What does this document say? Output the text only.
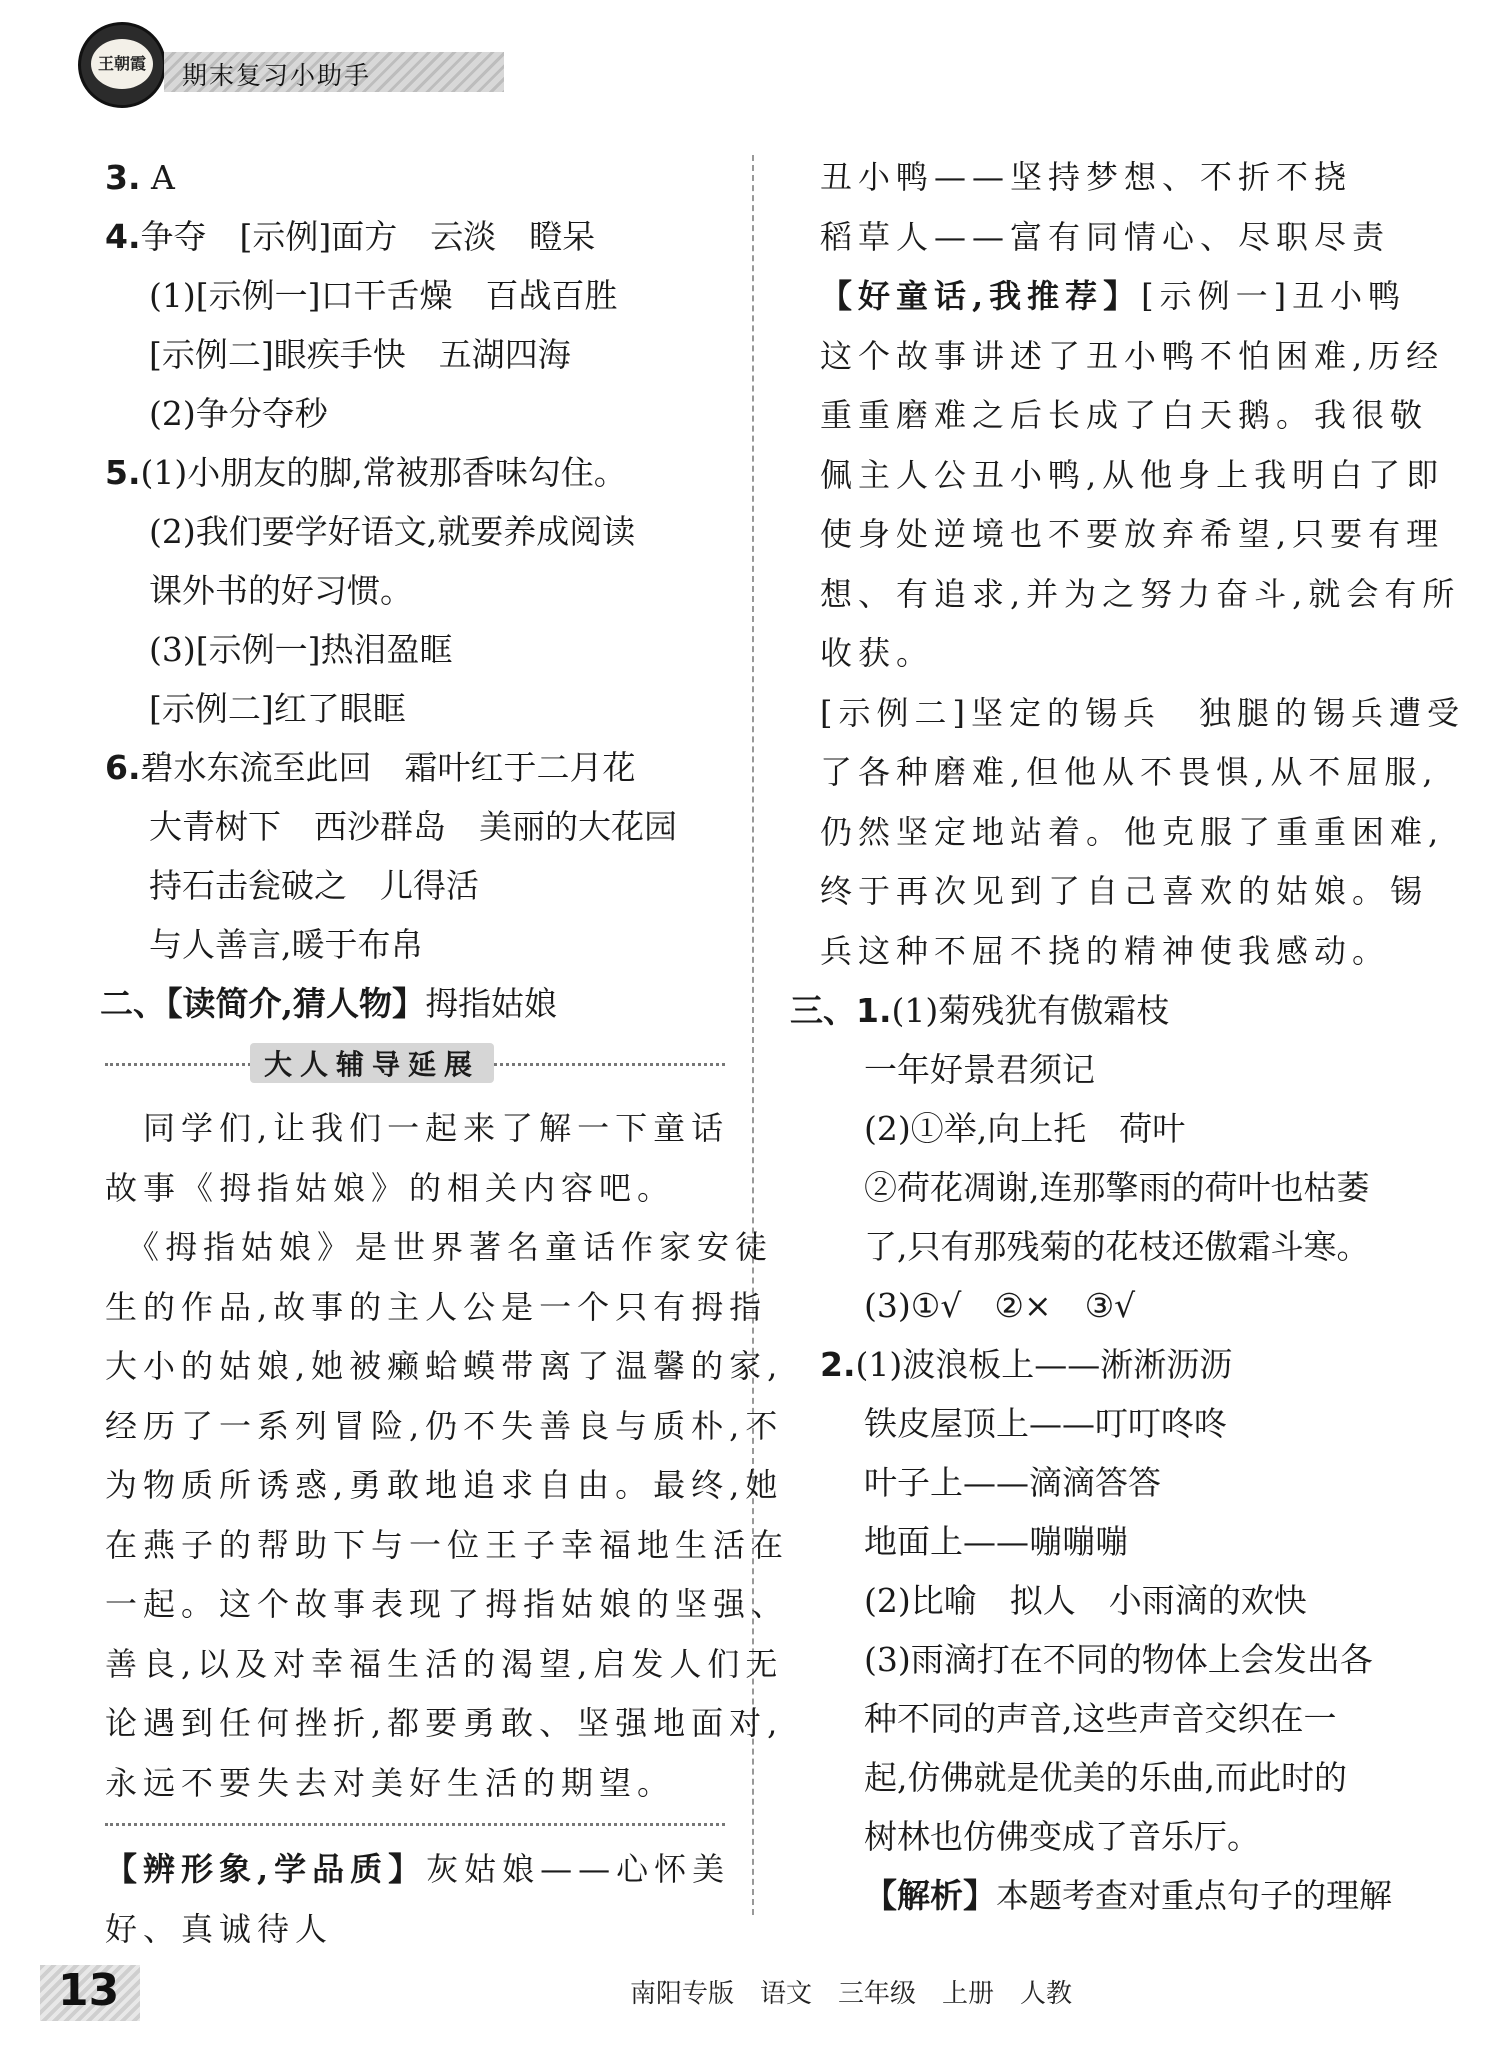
王朝霞 期末复习小助手
3. A
4.争夺　[示例]面方　云淡　瞪呆
(1)[示例一]口干舌燥　百战百胜
[示例二]眼疾手快　五湖四海
(2)争分夺秒
5.(1)小朋友的脚,常被那香味勾住。
(2)我们要学好语文,就要养成阅读
课外书的好习惯。
(3)[示例一]热泪盈眶
[示例二]红了眼眶
6.碧水东流至此回　霜叶红于二月花
大青树下　西沙群岛　美丽的大花园
持石击瓮破之　儿得活
与人善言,暖于布帛
二、【读简介,猜人物】拇指姑娘
大人辅导延展
　同学们,让我们一起来了解一下童话
故事《拇指姑娘》的相关内容吧。
　《拇指姑娘》是世界著名童话作家安徒
生的作品,故事的主人公是一个只有拇指
大小的姑娘,她被癞蛤蟆带离了温馨的家,
经历了一系列冒险,仍不失善良与质朴,不
为物质所诱惑,勇敢地追求自由。最终,她
在燕子的帮助下与一位王子幸福地生活在
一起。这个故事表现了拇指姑娘的坚强、
善良,以及对幸福生活的渴望,启发人们无
论遇到任何挫折,都要勇敢、坚强地面对,
永远不要失去对美好生活的期望。
【辨形象,学品质】灰姑娘——心怀美
好、真诚待人
丑小鸭——坚持梦想、不折不挠
稻草人——富有同情心、尽职尽责
【好童话,我推荐】[示例一]丑小鸭
这个故事讲述了丑小鸭不怕困难,历经
重重磨难之后长成了白天鹅。我很敬
佩主人公丑小鸭,从他身上我明白了即
使身处逆境也不要放弃希望,只要有理
想、有追求,并为之努力奋斗,就会有所
收获。
[示例二]坚定的锡兵　独腿的锡兵遭受
了各种磨难,但他从不畏惧,从不屈服,
仍然坚定地站着。他克服了重重困难,
终于再次见到了自己喜欢的姑娘。锡
兵这种不屈不挠的精神使我感动。
三、1.(1)菊残犹有傲霜枝
一年好景君须记
(2)①举,向上托　荷叶
②荷花凋谢,连那擎雨的荷叶也枯萎
了,只有那残菊的花枝还傲霜斗寒。
(3)①√　②×　③√
2.(1)波浪板上——淅淅沥沥
铁皮屋顶上——叮叮咚咚
叶子上——滴滴答答
地面上——嘣嘣嘣
(2)比喻　拟人　小雨滴的欢快
(3)雨滴打在不同的物体上会发出各
种不同的声音,这些声音交织在一
起,仿佛就是优美的乐曲,而此时的
树林也仿佛变成了音乐厅。
【解析】本题考查对重点句子的理解
13	南阳专版　语文　三年级　上册　人教
